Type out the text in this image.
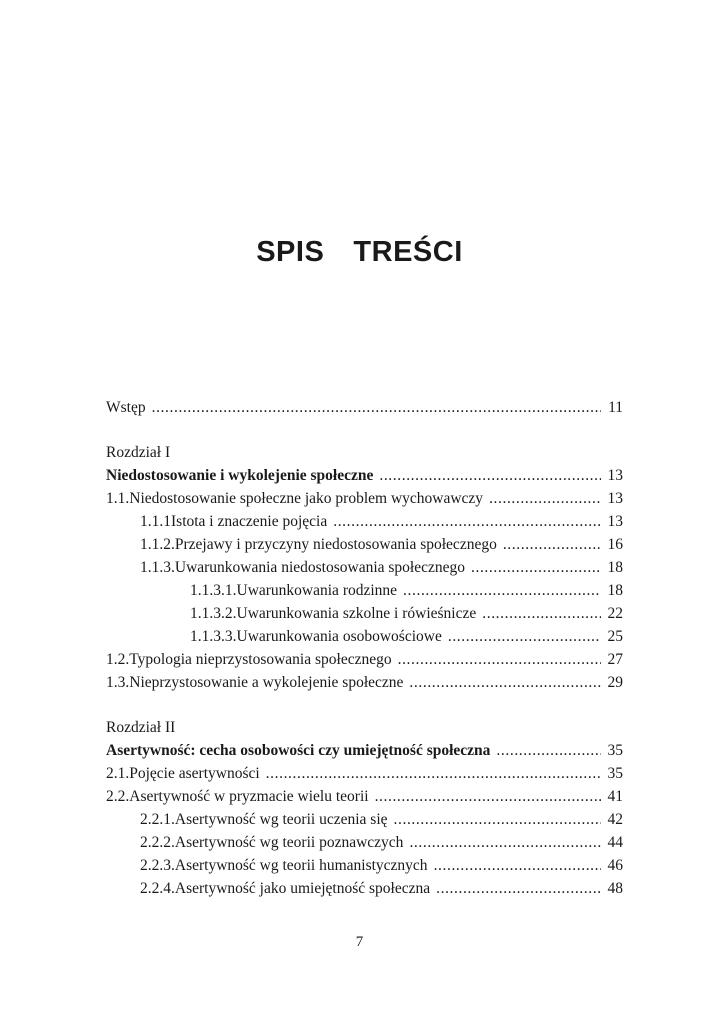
SPIS  TREŚCI
Wstęp .....	11
Rozdział I
Niedostosowanie i wykolejenie społeczne .....	13
1.1. Niedostosowanie społeczne jako problem wychowawczy .....	13
1.1.1 Istota i znaczenie pojęcia .....	13
1.1.2. Przejawy i przyczyny niedostosowania społecznego .....	16
1.1.3. Uwarunkowania niedostosowania społecznego .....	18
1.1.3.1. Uwarunkowania rodzinne .....	18
1.1.3.2. Uwarunkowania szkolne i rówieśnicze .....	22
1.1.3.3. Uwarunkowania osobowościowe .....	25
1.2. Typologia nieprzystosowania społecznego .....	27
1.3. Nieprzystosowanie a wykolejenie społeczne .....	29
Rozdział II
Asertywność: cecha osobowości czy umiejętność społeczna .....	35
2.1. Pojęcie asertywności .....	35
2.2. Asertywność w pryzmacie wielu teorii .....	41
2.2.1. Asertywność wg teorii uczenia się .....	42
2.2.2. Asertywność wg teorii poznawczych .....	44
2.2.3. Asertywność wg teorii humanistycznych .....	46
2.2.4. Asertywność jako umiejętność społeczna .....	48
7
